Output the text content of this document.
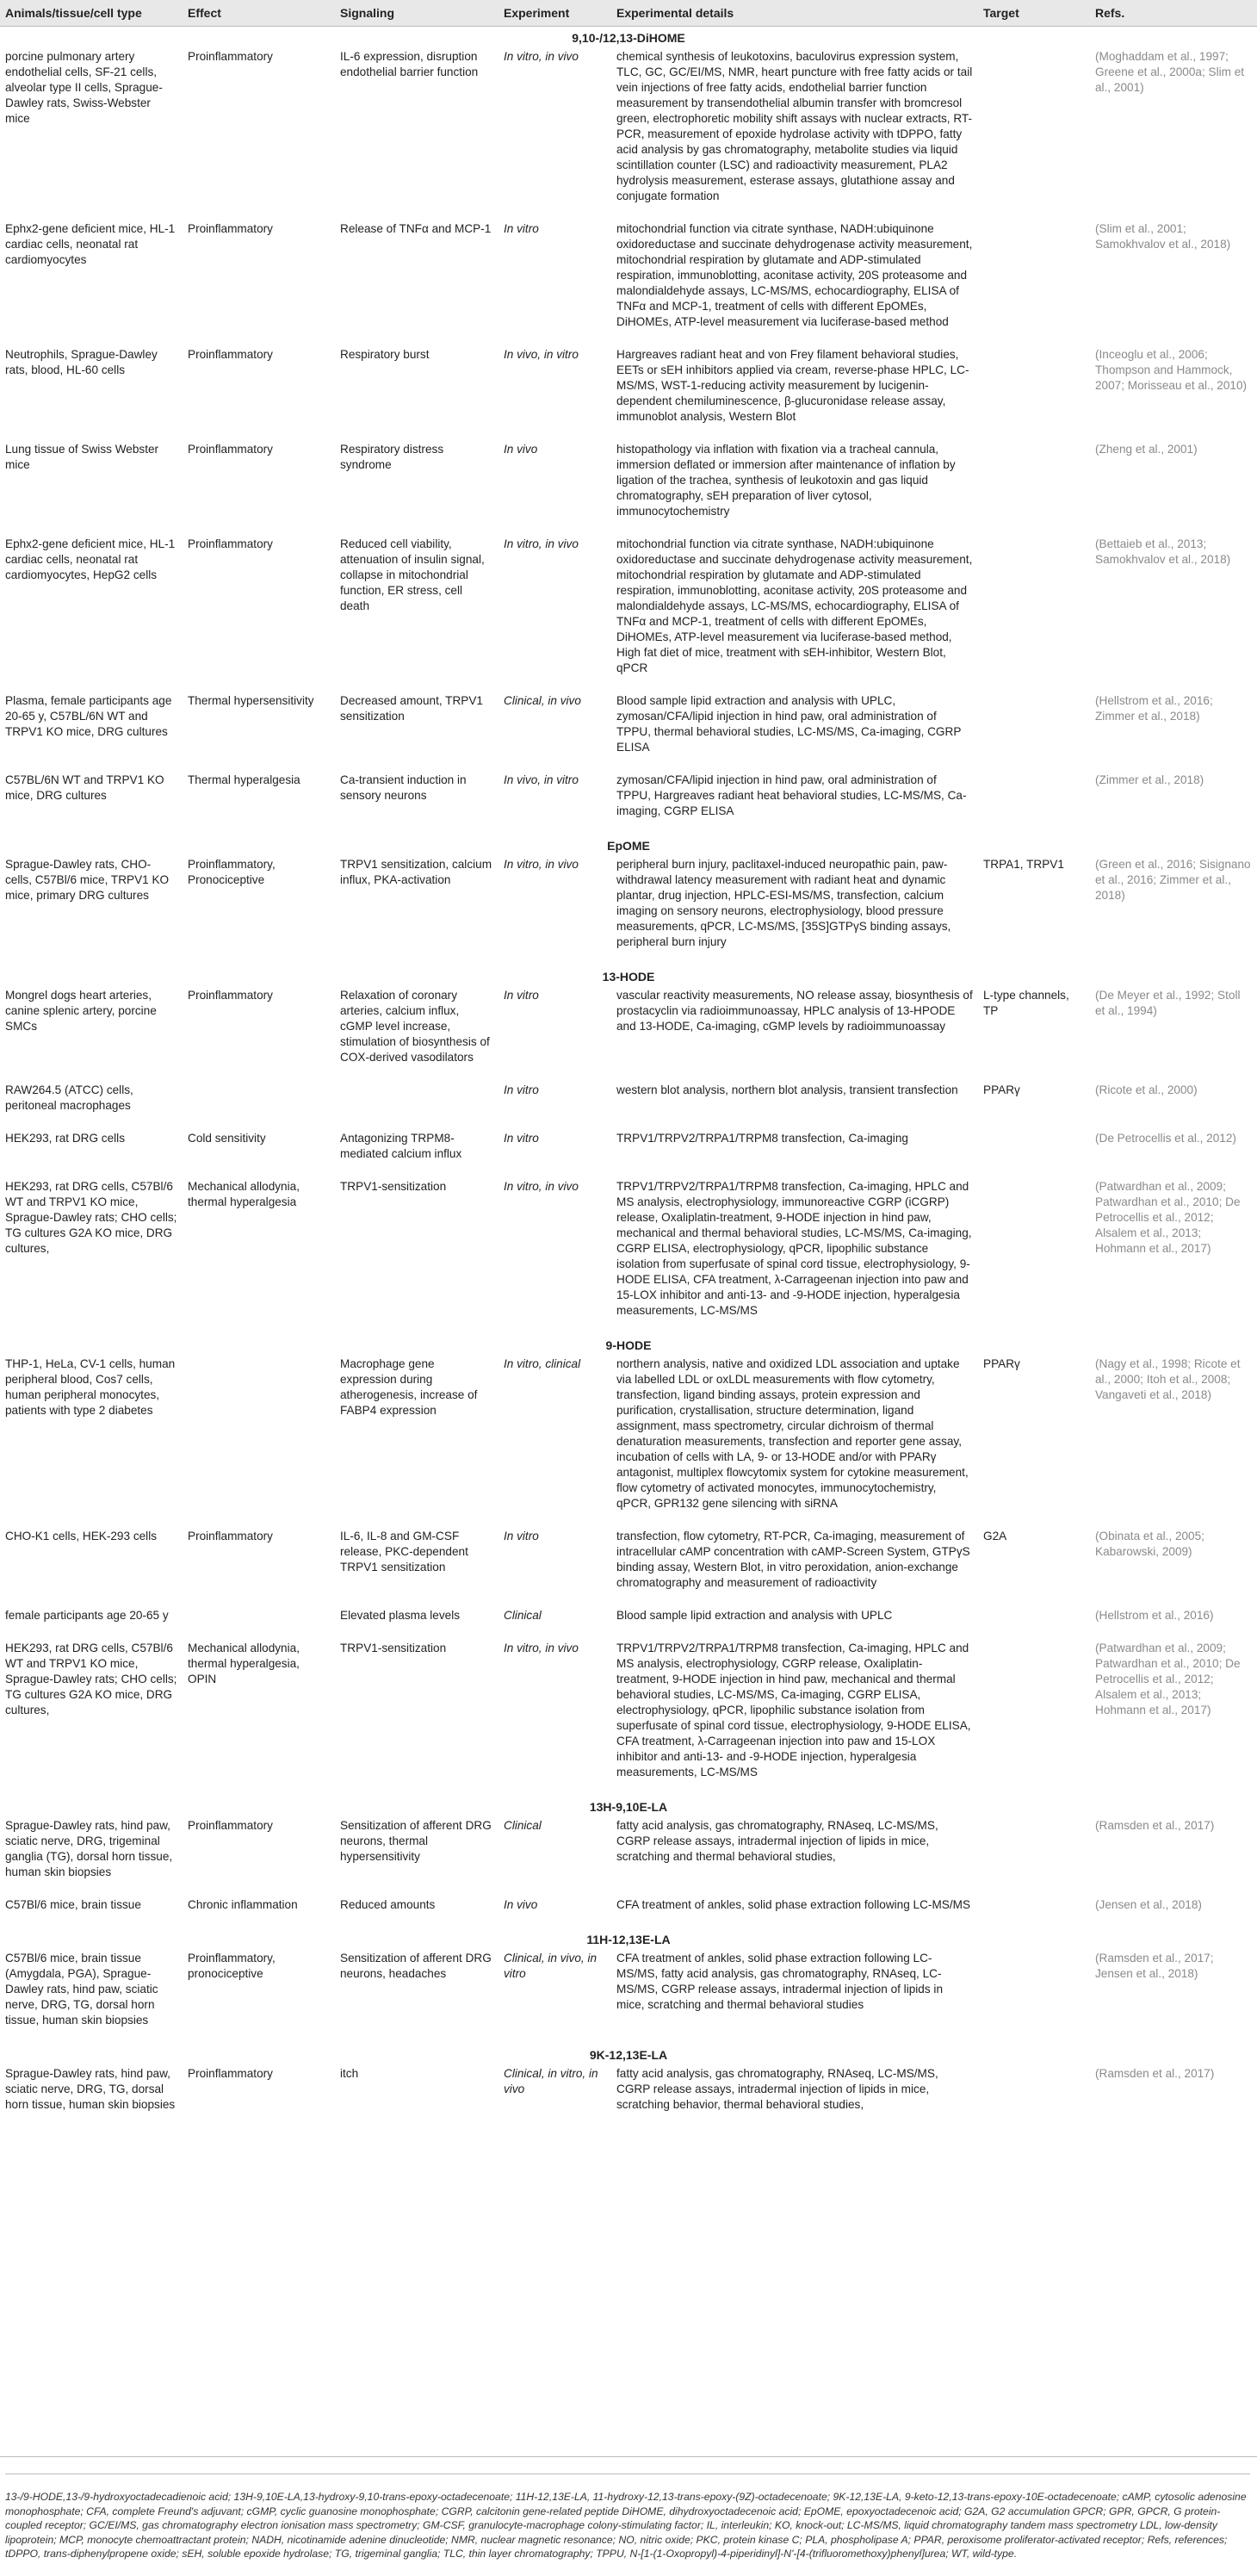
Animals/tissue/cell type	Effect	Signaling	Experiment	Experimental details	Target	Refs.
9,10-/12,13-DiHOME						
porcine pulmonary artery endothelial cells, SF-21 cells, alveolar type II cells, Sprague-Dawley rats, Swiss-Webster mice	Proinflammatory	IL-6 expression, disruption endothelial barrier function	In vitro, in vivo	chemical synthesis of leukotoxins, baculovirus expression system, TLC, GC, GC/EI/MS, NMR, heart puncture with free fatty acids or tail vein injections of free fatty acids, endothelial barrier function measurement by transendothelial albumin transfer with bromcresol green, electrophoretic mobility shift assays with nuclear extracts, RT-PCR, measurement of epoxide hydrolase activity with tDPPO, fatty acid analysis by gas chromatography, metabolite studies via liquid scintillation counter (LSC) and radioactivity measurement, PLA2 hydrolysis measurement, esterase assays, glutathione assay and conjugate formation		(Moghaddam et al., 1997; Greene et al., 2000a; Slim et al., 2001)
Ephx2-gene deficient mice, HL-1 cardiac cells, neonatal rat cardiomyocytes	Proinflammatory	Release of TNFα and MCP-1	In vitro	mitochondrial function via citrate synthase, NADH:ubiquinone oxidoreductase and succinate dehydrogenase activity measurement, mitochondrial respiration by glutamate and ADP-stimulated respiration, immunoblotting, aconitase activity, 20S proteasome and malondialdehyde assays, LC-MS/MS, echocardiography, ELISA of TNFα and MCP-1, treatment of cells with different EpOMEs, DiHOMEs, ATP-level measurement via luciferase-based method		(Slim et al., 2001; Samokhvalov et al., 2018)
Neutrophils, Sprague-Dawley rats, blood, HL-60 cells	Proinflammatory	Respiratory burst	In vivo, in vitro	Hargreaves radiant heat and von Frey filament behavioral studies, EETs or sEH inhibitors applied via cream, reverse-phase HPLC, LC-MS/MS, WST-1-reducing activity measurement by lucigenin-dependent chemiluminescence, β-glucuronidase release assay, immunoblot analysis, Western Blot		(Inceoglu et al., 2006; Thompson and Hammock, 2007; Morisseau et al., 2010)
Lung tissue of Swiss Webster mice	Proinflammatory	Respiratory distress syndrome	In vivo	histopathology via inflation with fixation via a tracheal cannula, immersion deflated or immersion after maintenance of inflation by ligation of the trachea, synthesis of leukotoxin and gas liquid chromatography, sEH preparation of liver cytosol, immunocytochemistry		(Zheng et al., 2001)
Ephx2-gene deficient mice, HL-1 cardiac cells, neonatal rat cardiomyocytes, HepG2 cells	Proinflammatory	Reduced cell viability, attenuation of insulin signal, collapse in mitochondrial function, ER stress, cell death	In vitro, in vivo	mitochondrial function via citrate synthase, NADH:ubiquinone oxidoreductase and succinate dehydrogenase activity measurement, mitochondrial respiration by glutamate and ADP-stimulated respiration, immunoblotting, aconitase activity, 20S proteasome and malondialdehyde assays, LC-MS/MS, echocardiography, ELISA of TNFα and MCP-1, treatment of cells with different EpOMEs, DiHOMEs, ATP-level measurement via luciferase-based method, High fat diet of mice, treatment with sEH-inhibitor, Western Blot, qPCR		(Bettaieb et al., 2013; Samokhvalov et al., 2018)
Plasma, female participants age 20-65 y, C57BL/6N WT and TRPV1 KO mice, DRG cultures	Thermal hypersensitivity	Decreased amount, TRPV1 sensitization	Clinical, in vivo	Blood sample lipid extraction and analysis with UPLC, zymosan/CFA/lipid injection in hind paw, oral administration of TPPU, thermal behavioral studies, LC-MS/MS, Ca-imaging, CGRP ELISA		(Hellstrom et al., 2016; Zimmer et al., 2018)
C57BL/6N WT and TRPV1 KO mice, DRG cultures	Thermal hyperalgesia	Ca-transient induction in sensory neurons	In vivo, in vitro	zymosan/CFA/lipid injection in hind paw, oral administration of TPPU, Hargreaves radiant heat behavioral studies, LC-MS/MS, Ca-imaging, CGRP ELISA		(Zimmer et al., 2018)
EpOME						
Sprague-Dawley rats, CHO-cells, C57Bl/6 mice, TRPV1 KO mice, primary DRG cultures	Proinflammatory, Pronociceptive	TRPV1 sensitization, calcium influx, PKA-activation	In vitro, in vivo	peripheral burn injury, paclitaxel-induced neuropathic pain, paw-withdrawal latency measurement with radiant heat and dynamic plantar, drug injection, HPLC-ESI-MS/MS, transfection, calcium imaging on sensory neurons, electrophysiology, blood pressure measurements, qPCR, LC-MS/MS, [35S]GTPγS binding assays, peripheral burn injury	TRPA1, TRPV1	(Green et al., 2016; Sisignano et al., 2016; Zimmer et al., 2018)
13-HODE						
Mongrel dogs heart arteries, canine splenic artery, porcine SMCs	Proinflammatory	Relaxation of coronary arteries, calcium influx, cGMP level increase, stimulation of biosynthesis of COX-derived vasodilators	In vitro	vascular reactivity measurements, NO release assay, biosynthesis of prostacyclin via radioimmunoassay, HPLC analysis of 13-HPODE and 13-HODE, Ca-imaging, cGMP levels by radioimmunoassay	L-type channels, TP	(De Meyer et al., 1992; Stoll et al., 1994)
RAW264.5 (ATCC) cells, peritoneal macrophages			In vitro	western blot analysis, northern blot analysis, transient transfection	PPARγ	(Ricote et al., 2000)
HEK293, rat DRG cells	Cold sensitivity	Antagonizing TRPM8-mediated calcium influx	In vitro	TRPV1/TRPV2/TRPA1/TRPM8 transfection, Ca-imaging		(De Petrocellis et al., 2012)
HEK293, rat DRG cells, C57Bl/6 WT and TRPV1 KO mice, Sprague-Dawley rats; CHO cells; TG cultures G2A KO mice, DRG cultures,	Mechanical allodynia, thermal hyperalgesia	TRPV1-sensitization	In vitro, in vivo	TRPV1/TRPV2/TRPA1/TRPM8 transfection, Ca-imaging, HPLC and MS analysis, electrophysiology, immunoreactive CGRP (iCGRP) release, Oxaliplatin-treatment, 9-HODE injection in hind paw, mechanical and thermal behavioral studies, LC-MS/MS, Ca-imaging, CGRP ELISA, electrophysiology, qPCR, lipophilic substance isolation from superfusate of spinal cord tissue, electrophysiology, 9-HODE ELISA, CFA treatment, λ-Carrageenan injection into paw and 15-LOX inhibitor and anti-13- and -9-HODE injection, hyperalgesia measurements, LC-MS/MS		(Patwardhan et al., 2009; Patwardhan et al., 2010; De Petrocellis et al., 2012; Alsalem et al., 2013; Hohmann et al., 2017)
9-HODE						
THP-1, HeLa, CV-1 cells, human peripheral blood, Cos7 cells, human peripheral monocytes, patients with type 2 diabetes		Macrophage gene expression during atherogenesis, increase of FABP4 expression	In vitro, clinical	northern analysis, native and oxidized LDL association and uptake via labelled LDL or oxLDL measurements with flow cytometry, transfection, ligand binding assays, protein expression and purification, crystallisation, structure determination, ligand assignment, mass spectrometry, circular dichroism of thermal denaturation measurements, transfection and reporter gene assay, incubation of cells with LA, 9- or 13-HODE and/or with PPARγ antagonist, multiplex flowcytomix system for cytokine measurement, flow cytometry of activated monocytes, immunocytochemistry, qPCR, GPR132 gene silencing with siRNA	PPARγ	(Nagy et al., 1998; Ricote et al., 2000; Itoh et al., 2008; Vangaveti et al., 2018)
CHO-K1 cells, HEK-293 cells	Proinflammatory	IL-6, IL-8 and GM-CSF release, PKC-dependent TRPV1 sensitization	In vitro	transfection, flow cytometry, RT-PCR, Ca-imaging, measurement of intracellular cAMP concentration with cAMP-Screen System, GTPγS binding assay, Western Blot, in vitro peroxidation, anion-exchange chromatography and measurement of radioactivity	G2A	(Obinata et al., 2005; Kabarowski, 2009)
female participants age 20-65 y		Elevated plasma levels	Clinical	Blood sample lipid extraction and analysis with UPLC		(Hellstrom et al., 2016)
HEK293, rat DRG cells, C57Bl/6 WT and TRPV1 KO mice, Sprague-Dawley rats; CHO cells; TG cultures G2A KO mice, DRG cultures,	Mechanical allodynia, thermal hyperalgesia, OPIN	TRPV1-sensitization	In vitro, in vivo	TRPV1/TRPV2/TRPA1/TRPM8 transfection, Ca-imaging, HPLC and MS analysis, electrophysiology, CGRP release, Oxaliplatin-treatment, 9-HODE injection in hind paw, mechanical and thermal behavioral studies, LC-MS/MS, Ca-imaging, CGRP ELISA, electrophysiology, qPCR, lipophilic substance isolation from superfusate of spinal cord tissue, electrophysiology, 9-HODE ELISA, CFA treatment, λ-Carrageenan injection into paw and 15-LOX inhibitor and anti-13- and -9-HODE injection, hyperalgesia measurements, LC-MS/MS		(Patwardhan et al., 2009; Patwardhan et al., 2010; De Petrocellis et al., 2012; Alsalem et al., 2013; Hohmann et al., 2017)
13H-9,10E-LA						
Sprague-Dawley rats, hind paw, sciatic nerve, DRG, trigeminal ganglia (TG), dorsal horn tissue, human skin biopsies	Proinflammatory	Sensitization of afferent DRG neurons, thermal hypersensitivity	Clinical	fatty acid analysis, gas chromatography, RNAseq, LC-MS/MS, CGRP release assays, intradermal injection of lipids in mice, scratching and thermal behavioral studies,		(Ramsden et al., 2017)
C57Bl/6 mice, brain tissue	Chronic inflammation	Reduced amounts	In vivo	CFA treatment of ankles, solid phase extraction following LC-MS/MS		(Jensen et al., 2018)
11H-12,13E-LA						
C57Bl/6 mice, brain tissue (Amygdala, PGA), Sprague-Dawley rats, hind paw, sciatic nerve, DRG, TG, dorsal horn tissue, human skin biopsies	Proinflammatory, pronociceptive	Sensitization of afferent DRG neurons, headaches	Clinical, in vivo, in vitro	CFA treatment of ankles, solid phase extraction following LC-MS/MS, fatty acid analysis, gas chromatography, RNAseq, LC-MS/MS, CGRP release assays, intradermal injection of lipids in mice, scratching and thermal behavioral studies		(Ramsden et al., 2017; Jensen et al., 2018)
9K-12,13E-LA						
Sprague-Dawley rats, hind paw, sciatic nerve, DRG, TG, dorsal horn tissue, human skin biopsies	Proinflammatory	itch	Clinical, in vitro, in vivo	fatty acid analysis, gas chromatography, RNAseq, LC-MS/MS, CGRP release assays, intradermal injection of lipids in mice, scratching behavior, thermal behavioral studies,		(Ramsden et al., 2017)

13-/9-HODE,13-/9-hydroxyoctadecadienoic acid; 13H-9,10E-LA,13-hydroxy-9,10-trans-epoxy-octadecenoate; 11H-12,13E-LA, 11-hydroxy-12,13-trans-epoxy-(9Z)-octadecenoate; 9K-12,13E-LA, 9-keto-12,13-trans-epoxy-10E-octadecenoate; cAMP, cytosolic adenosine monophosphate; CFA, complete Freund's adjuvant; cGMP, cyclic guanosine monophosphate; CGRP, calcitonin gene-related peptide DiHOME, dihydroxyoctadecenoic acid; EpOME, epoxyoctadecenoic acid; G2A, G2 accumulation GPCR; GPR, GPCR, G protein-coupled receptor; GC/EI/MS, gas chromatography electron ionisation mass spectrometry; GM-CSF, granulocyte-macrophage colony-stimulating factor; IL, interleukin; KO, knock-out; LC-MS/MS, liquid chromatography tandem mass spectrometry LDL, low-density lipoprotein; MCP, monocyte chemoattractant protein; NADH, nicotinamide adenine dinucleotide; NMR, nuclear magnetic resonance; NO, nitric oxide; PKC, protein kinase C; PLA, phospholipase A; PPAR, peroxisome proliferator-activated receptor; Refs, references; tDPPO, trans-diphenylpropene oxide; sEH, soluble epoxide hydrolase; TG, trigeminal ganglia; TLC, thin layer chromatography; TPPU, N-[1-(1-Oxopropyl)-4-piperidinyl]-N'-[4-(trifluoromethoxy)phenyl]urea; WT, wild-type.
